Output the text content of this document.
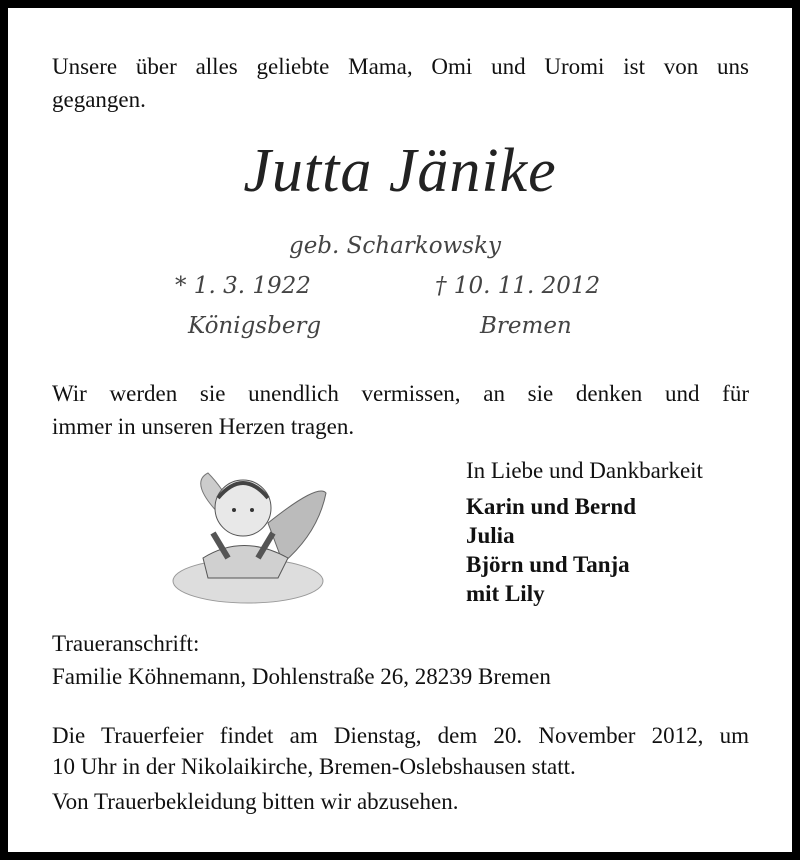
Unsere über alles geliebte Mama, Omi und Uromi ist von uns
gegangen.
Jutta Jänike
geb. Scharkowsky
* 1. 3. 1922	† 10. 11. 2012
Königsberg	Bremen
Wir werden sie unendlich vermissen, an sie denken und für
immer in unseren Herzen tragen.
In Liebe und Dankbarkeit
Karin und Bernd
Julia
Björn und Tanja
mit Lily
Traueranschrift:
Familie Köhnemann, Dohlenstraße 26, 28239 Bremen
Die Trauerfeier findet am Dienstag, dem 20. November 2012, um
10 Uhr in der Nikolaikirche, Bremen-Oslebshausen statt.
Von Trauerbekleidung bitten wir abzusehen.
